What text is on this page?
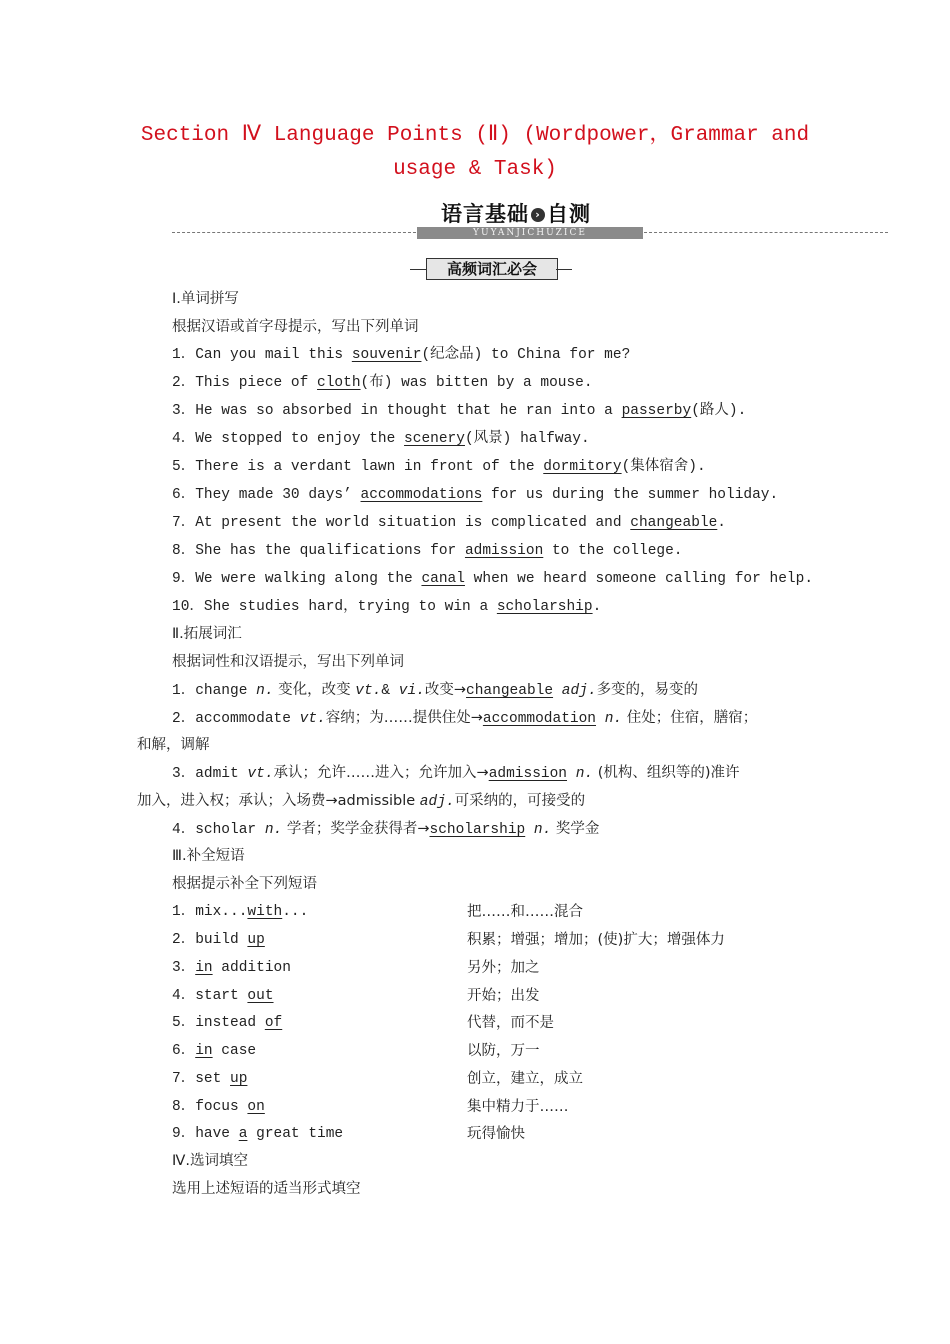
Section Ⅳ Language Points (Ⅱ) (Wordpower，Grammar and
usage & Task)
语言基础 › 自测
YUYANJICHUZICE
高频词汇必会
Ⅰ.单词拼写
根据汉语或首字母提示，写出下列单词
1．Can you mail this souvenir(纪念品) to China for me?
2．This piece of cloth(布) was bitten by a mouse.
3．He was so absorbed in thought that he ran into a passerby(路人).
4．We stopped to enjoy the scenery(风景) halfway.
5．There is a verdant lawn in front of the dormitory(集体宿舍).
6．They made 30 days’ accommodations for us during the summer holiday.
7．At present the world situation is complicated and changeable.
8．She has the qualifications for admission to the college.
9．We were walking along the canal when we heard someone calling for help.
10．She studies hard，trying to win a scholarship.
Ⅱ.拓展词汇
根据词性和汉语提示，写出下列单词
1．change n. 变化，改变 vt.& vi.改变→changeable adj.多变的，易变的
2．accommodate vt.容纳；为……提供住处→accommodation n. 住处；住宿，膳宿；
和解，调解
3．admit vt.承认；允许……进入；允许加入→admission n. (机构、组织等的)准许
加入，进入权；承认；入场费→admissible adj.可采纳的，可接受的
4．scholar n. 学者；奖学金获得者→scholarship n. 奖学金
Ⅲ.补全短语
根据提示补全下列短语
1．mix...with...	把……和……混合
2．build up	积累；增强；增加；(使)扩大；增强体力
3．in addition	另外；加之
4．start out	开始；出发
5．instead of	代替，而不是
6．in case	以防，万一
7．set up	创立，建立，成立
8．focus on	集中精力于……
9．have a great time	玩得愉快
Ⅳ.选词填空
选用上述短语的适当形式填空
